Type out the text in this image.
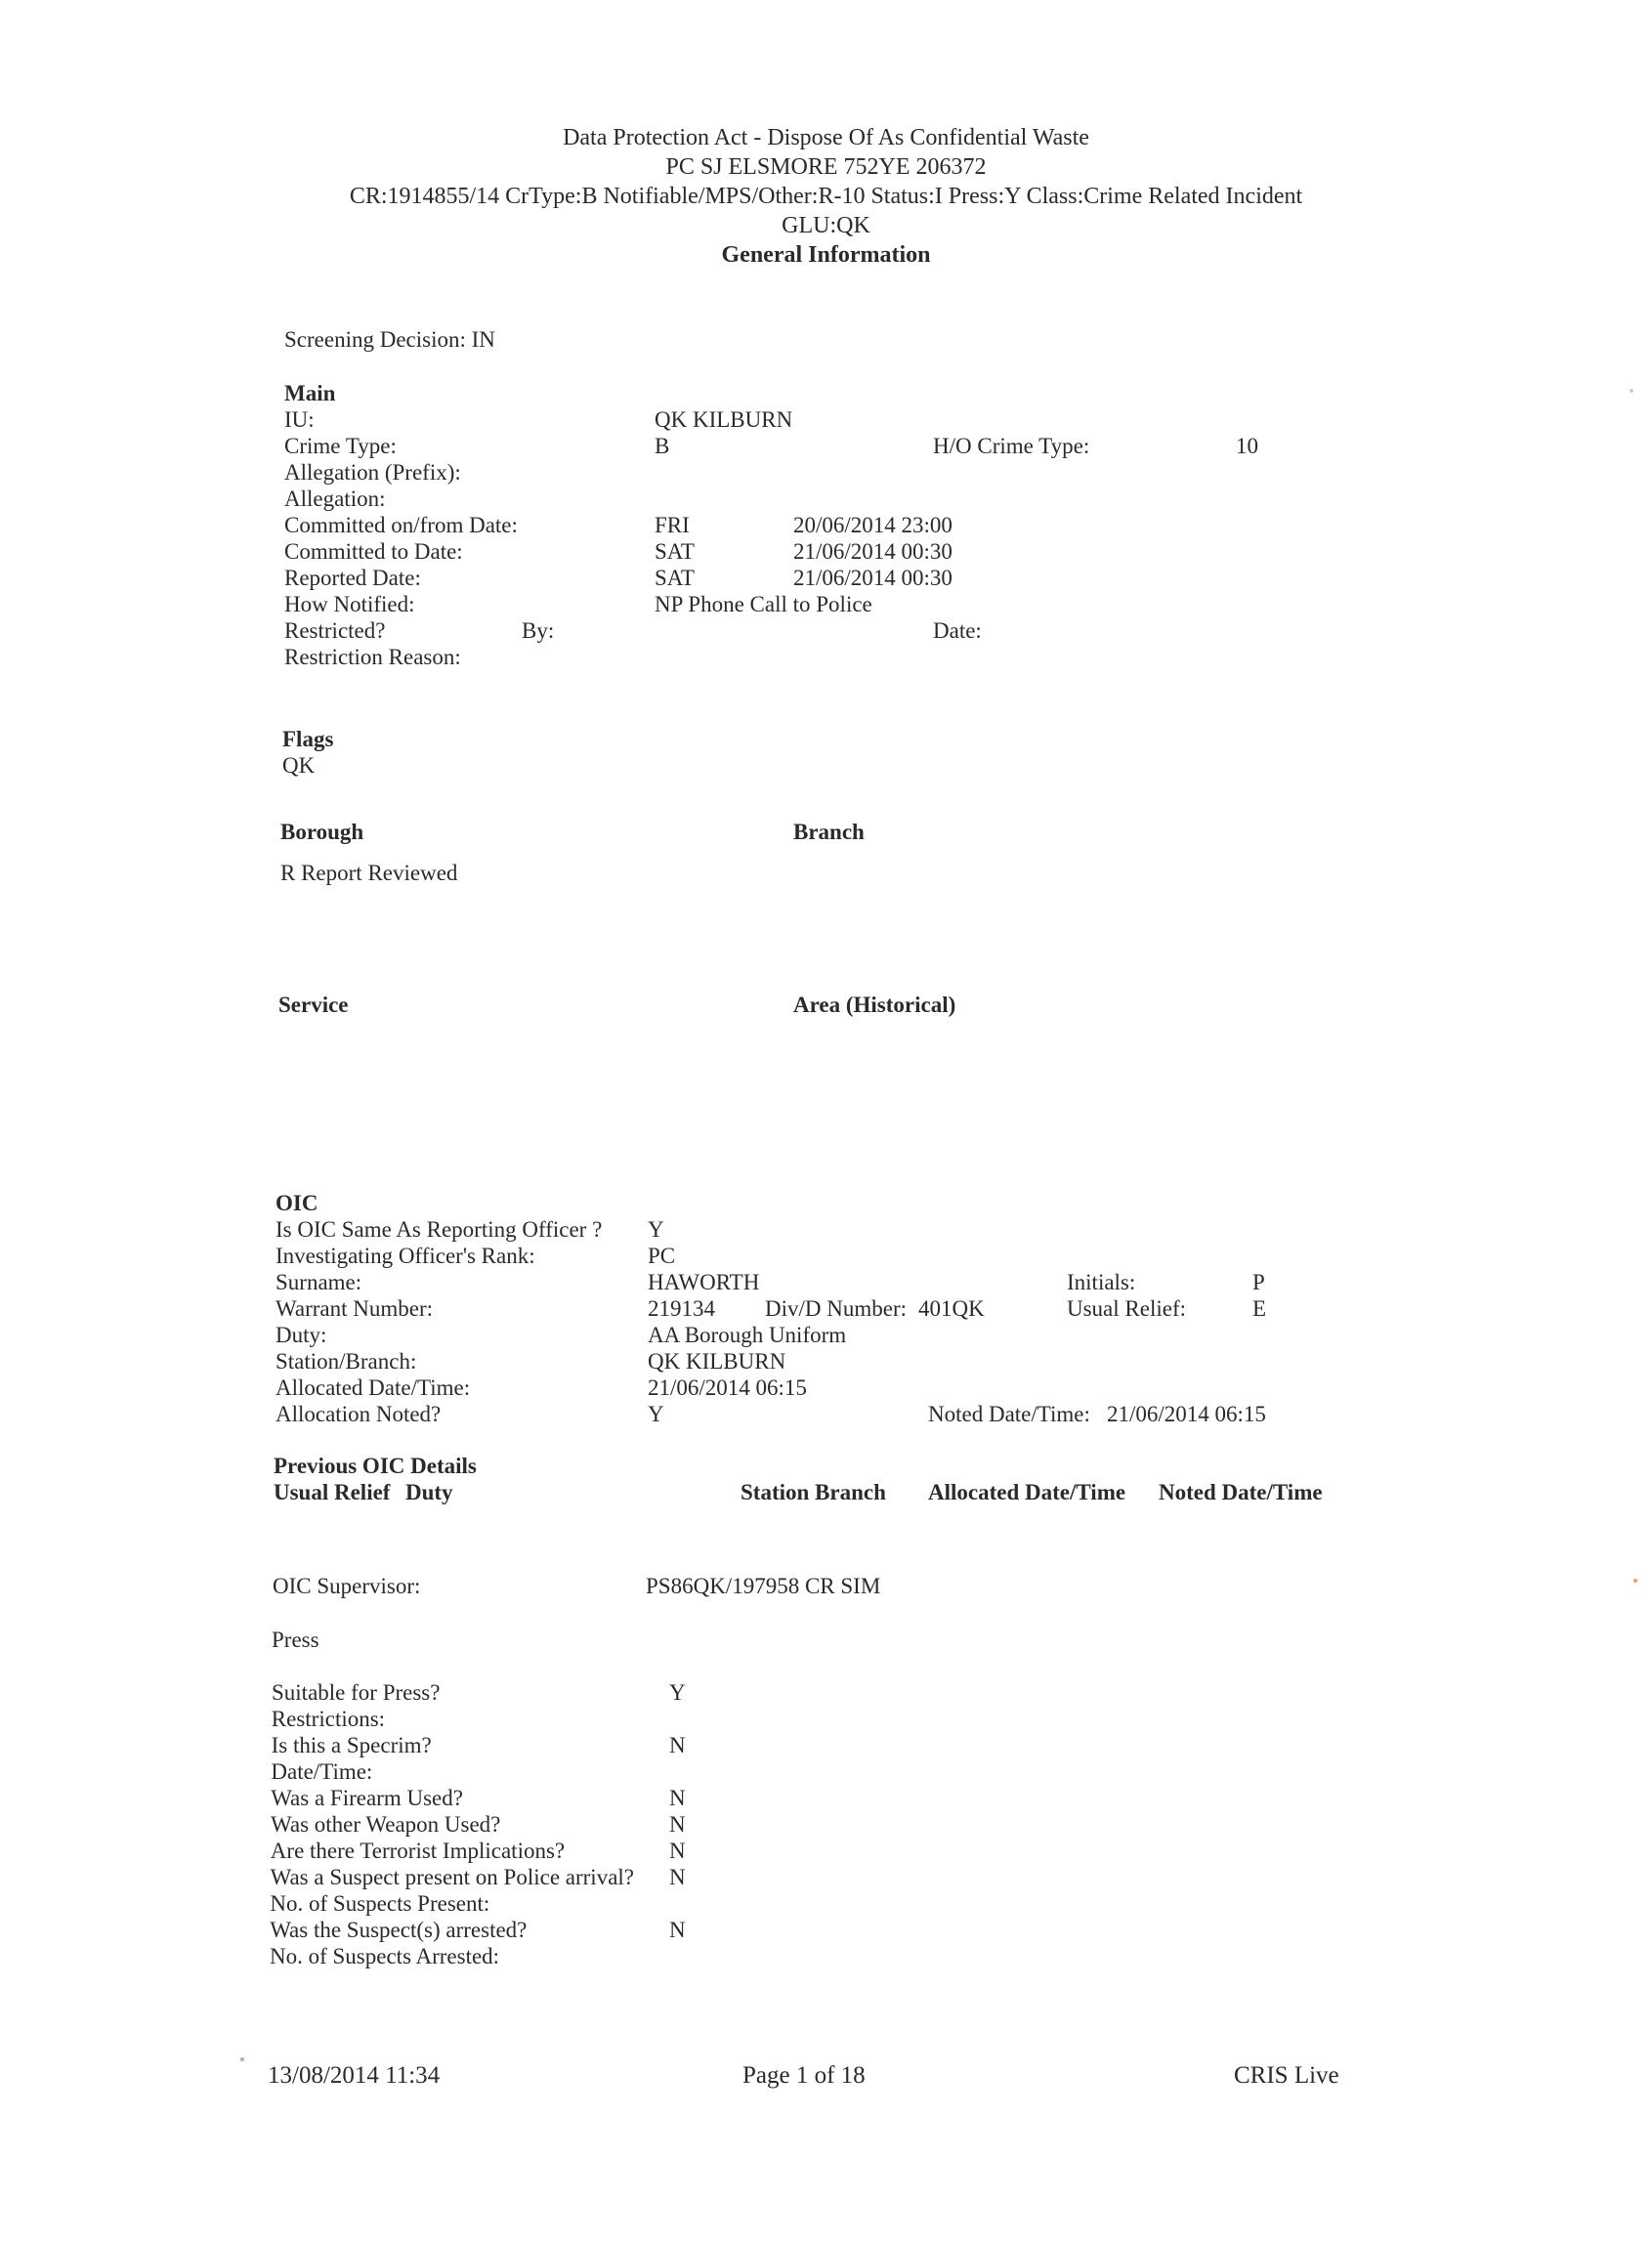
Data Protection Act - Dispose Of As Confidential Waste
PC SJ ELSMORE 752YE 206372
CR:1914855/14 CrType:B Notifiable/MPS/Other:R-10 Status:I Press:Y Class:Crime Related Incident
GLU:QK
General Information
Screening Decision: IN
Main
IU:	QK KILBURN
Crime Type:	B	H/O Crime Type:	10
Allegation (Prefix):
Allegation:
Committed on/from Date:	FRI	20/06/2014 23:00
Committed to Date:	SAT	21/06/2014 00:30
Reported Date:	SAT	21/06/2014 00:30
How Notified:	NP Phone Call to Police
Restricted?	By:	Date:
Restriction Reason:
Flags
QK
Borough	Branch
R Report Reviewed
Service	Area (Historical)
OIC
Is OIC Same As Reporting Officer ? Y
Investigating Officer's Rank:	PC
Surname:	HAWORTH	Initials:	P
Warrant Number:	219134 Div/D Number: 401QK	Usual Relief:	E
Duty:	AA Borough Uniform
Station/Branch:	QK KILBURN
Allocated Date/Time:	21/06/2014 06:15
Allocation Noted?	Y	Noted Date/Time: 21/06/2014 06:15
Previous OIC Details
Usual Relief Duty	Station Branch Allocated Date/Time Noted Date/Time
OIC Supervisor:	PS86QK/197958 CR SIM
Press
Suitable for Press?	Y
Restrictions:
Is this a Specrim?	N
Date/Time:
Was a Firearm Used?	N
Was other Weapon Used?	N
Are there Terrorist Implications?	N
Was a Suspect present on Police arrival? N
No. of Suspects Present:
Was the Suspect(s) arrested?	N
No. of Suspects Arrested:
13/08/2014 11:34	Page 1 of 18	CRIS Live
